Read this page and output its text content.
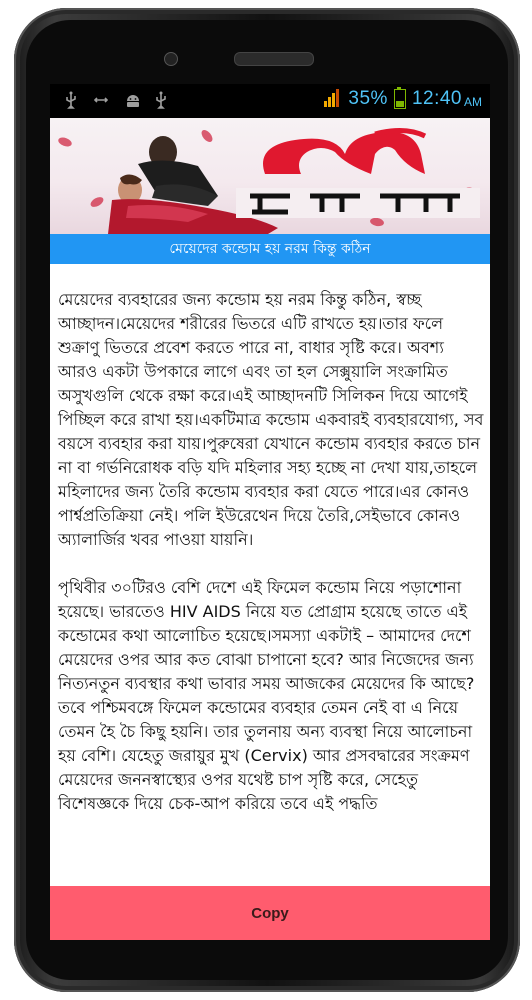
35% 12:40 AM
মেয়েদের কন্ডোম হয় নরম কিন্তু কঠিন
মেয়েদের ব্যবহারের জন্য কন্ডোম হয় নরম কিন্তু কঠিন, স্বচ্ছ আচ্ছাদন।মেয়েদের শরীরের ভিতরে এটি রাখতে হয়।তার ফলে শুক্রাণু ভিতরে প্রবেশ করতে পারে না, বাধার সৃষ্টি করে। অবশ্য আরও একটা উপকারে লাগে এবং তা হল সেক্সুয়ালি সংক্রামিত অসুখগুলি থেকে রক্ষা করে।এই আচ্ছাদনটি সিলিকন দিয়ে আগেই পিচ্ছিল করে রাখা হয়।একটিমাত্র কন্ডোম একবারই ব্যবহারযোগ্য, সব বয়সে ব্যবহার করা যায়।পুরুষেরা যেখানে কন্ডোম ব্যবহার করতে চান না বা গর্ভনিরোধক বড়ি যদি মহিলার সহ্য হচ্ছে না দেখা যায়,তাহলে মহিলাদের জন্য তৈরি কন্ডোম ব্যবহার করা যেতে পারে।এর কোনও পার্শ্বপ্রতিক্রিয়া নেই। পলি ইউরেথেন দিয়ে তৈরি,সেইভাবে কোনও অ্যালার্জির খবর পাওয়া যায়নি।
পৃথিবীর ৩০টিরও বেশি দেশে এই ফিমেল কন্ডোম নিয়ে পড়াশোনা হয়েছে। ভারতেও HIV AIDS নিয়ে যত প্রোগ্রাম হয়েছে তাতে এই কন্ডোমের কথা আলোচিত হয়েছে।সমস্যা একটাই – আমাদের দেশে মেয়েদের ওপর আর কত বোঝা চাপানো হবে? আর নিজেদের জন্য নিত্যনতুন ব্যবস্থার কথা ভাবার সময় আজকের মেয়েদের কি আছে? তবে পশ্চিমবঙ্গে ফিমেল কন্ডোমের ব্যবহার তেমন নেই বা এ নিয়ে তেমন হৈ চৈ কিছু হয়নি। তার তুলনায় অন্য ব্যবস্থা নিয়ে আলোচনা হয় বেশি। যেহেতু জরায়ুর মুখ (Cervix) আর প্রসবদ্বারের সংক্রমণ মেয়েদের জননস্বাস্থ্যের ওপর যথেষ্ট চাপ সৃষ্টি করে, সেহেতু বিশেষজ্ঞকে দিয়ে চেক-আপ করিয়ে তবে এই পদ্ধতি
Copy
